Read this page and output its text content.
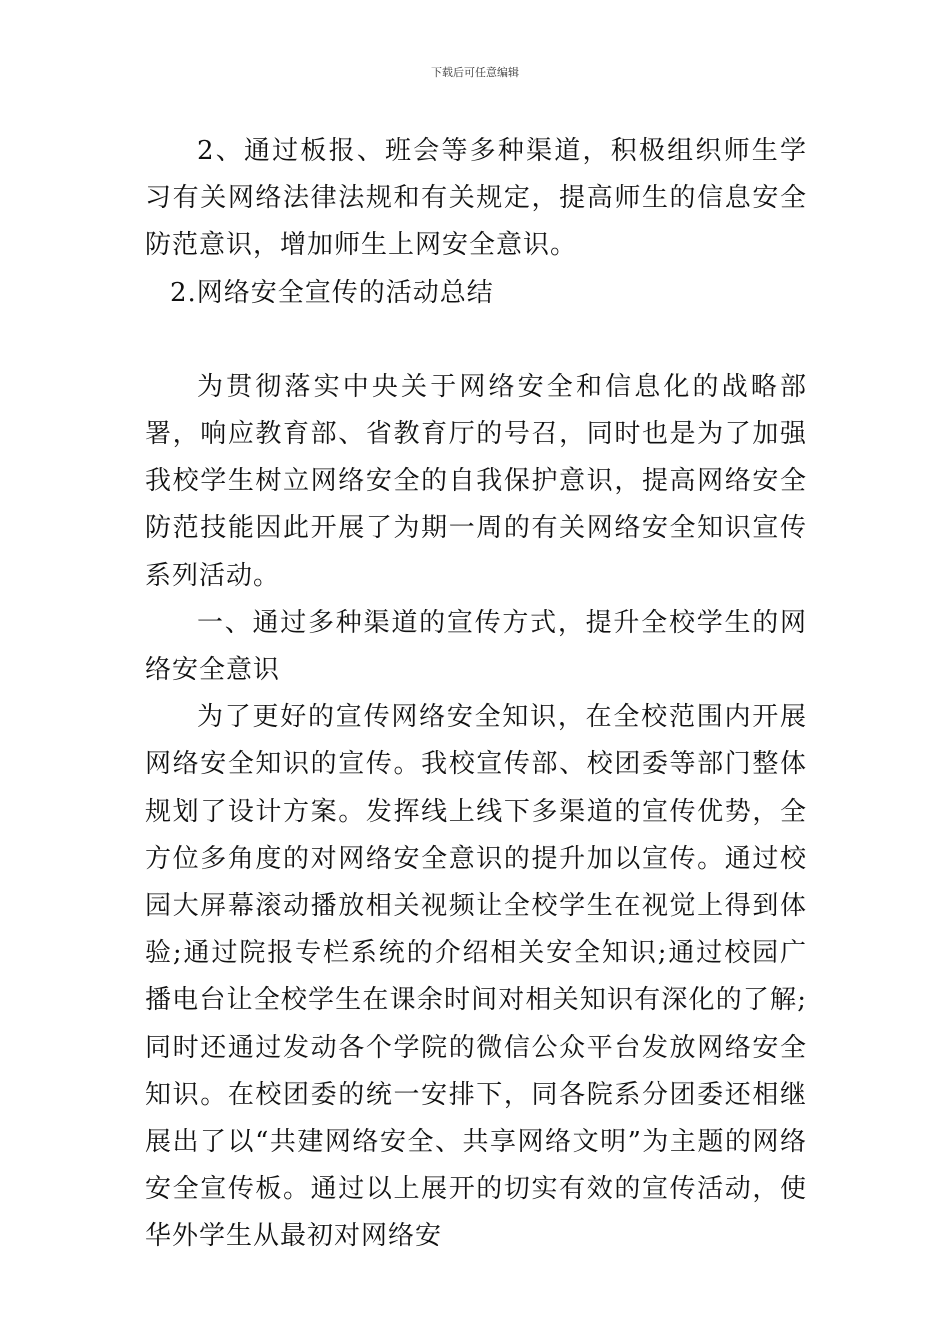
下载后可任意编辑

2、通过板报、班会等多种渠道，积极组织师生学习有关网络法律法规和有关规定，提高师生的信息安全防范意识，增加师生上网安全意识。

2.网络安全宣传的活动总结

为贯彻落实中央关于网络安全和信息化的战略部署，响应教育部、省教育厅的号召，同时也是为了加强我校学生树立网络安全的自我保护意识，提高网络安全防范技能因此开展了为期一周的有关网络安全知识宣传系列活动。

一、通过多种渠道的宣传方式，提升全校学生的网络安全意识

为了更好的宣传网络安全知识，在全校范围内开展网络安全知识的宣传。我校宣传部、校团委等部门整体规划了设计方案。发挥线上线下多渠道的宣传优势，全方位多角度的对网络安全意识的提升加以宣传。通过校园大屏幕滚动播放相关视频让全校学生在视觉上得到体验;通过院报专栏系统的介绍相关安全知识;通过校园广播电台让全校学生在课余时间对相关知识有深化的了解;同时还通过发动各个学院的微信公众平台发放网络安全知识。在校团委的统一安排下，同各院系分团委还相继展出了以“共建网络安全、共享网络文明”为主题的网络安全宣传板。通过以上展开的切实有效的宣传活动，使华外学生从最初对网络安
